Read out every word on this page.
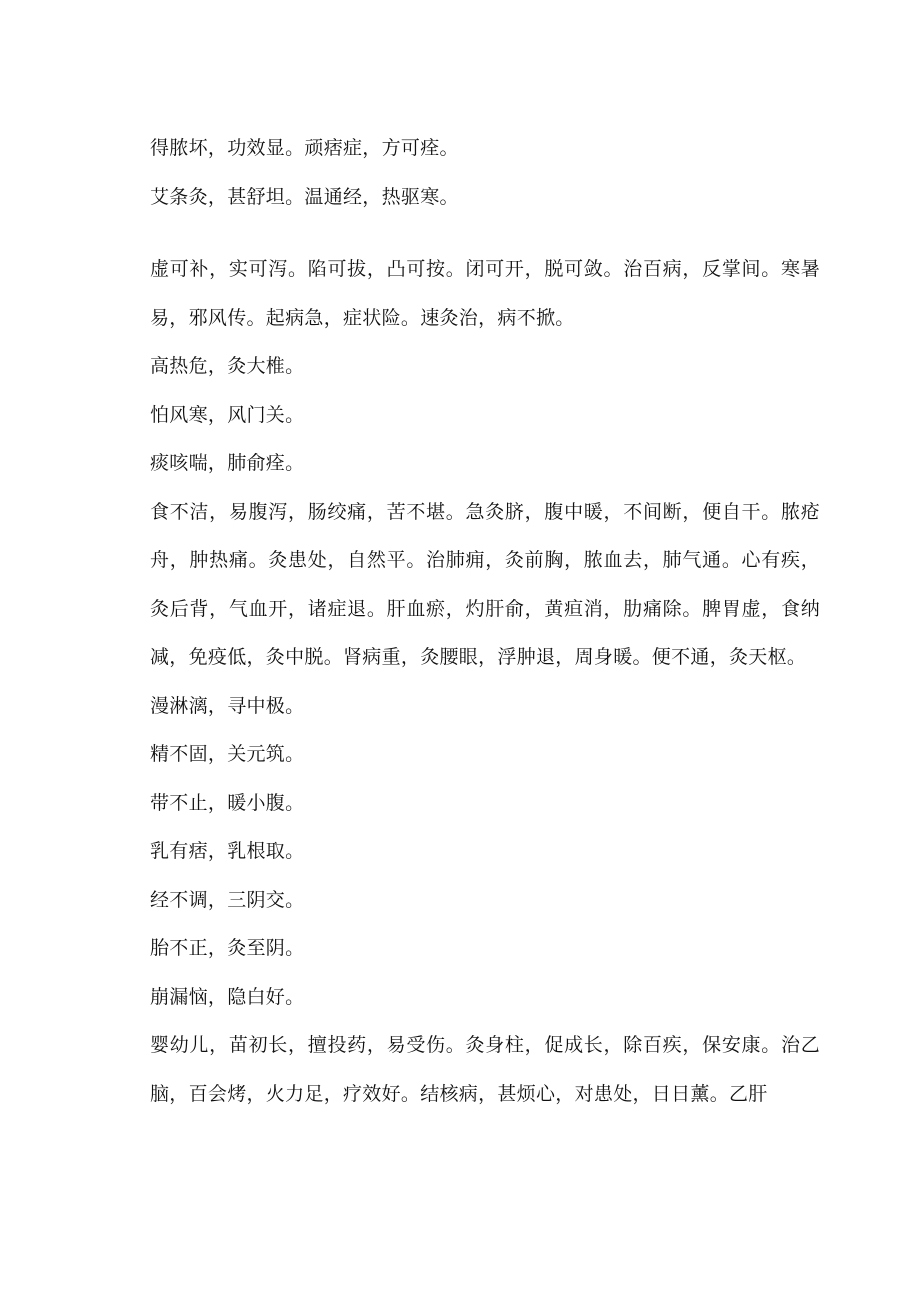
得脓坏，功效显。顽痞症，方可痊。

艾条灸，甚舒坦。温通经，热驱寒。

虚可补，实可泻。陷可拔，凸可按。闭可开，脱可敛。治百病，反掌间。寒暑易，邪风传。起病急，症状险。速灸治，病不掀。

高热危，灸大椎。

怕风寒，风门关。

痰咳喘，肺俞痊。

食不洁，易腹泻，肠绞痛，苦不堪。急灸脐，腹中暖，不间断，便自干。脓疮舟，肿热痛。灸患处，自然平。治肺痈，灸前胸，脓血去，肺气通。心有疾，灸后背，气血开，诸症退。肝血瘀，灼肝俞，黄疸消，肋痛除。脾胃虚，食纳减，免疫低，灸中脱。肾病重，灸腰眼，浮肿退，周身暖。便不通，灸天枢。

漫淋漓，寻中极。

精不固，关元筑。

带不止，暖小腹。

乳有痞，乳根取。

经不调，三阴交。

胎不正，灸至阴。

崩漏恼，隐白好。

婴幼儿，苗初长，擅投药，易受伤。灸身柱，促成长，除百疾，保安康。治乙脑，百会烤，火力足，疗效好。结核病，甚烦心，对患处，日日薰。乙肝
